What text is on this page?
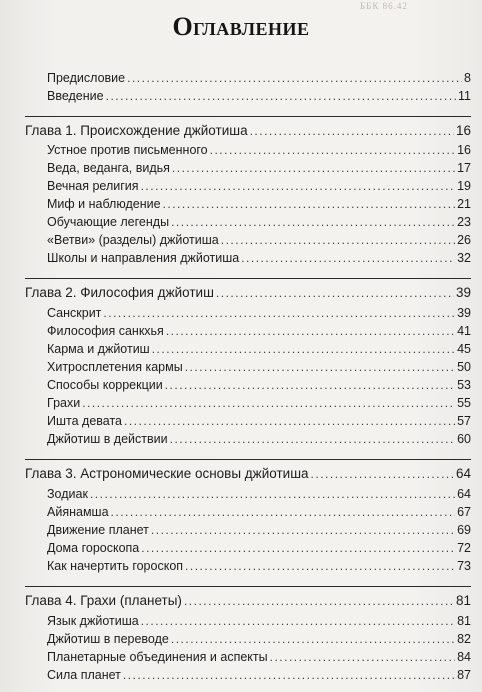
ББК 86.42
Оглавление
Предисловие .....	8
Введение .....	11
Глава 1. Происхождение джйотиша .....	16
Устное против письменного .....	16
Веда, веданга, видья .....	17
Вечная религия .....	19
Миф и наблюдение .....	21
Обучающие легенды .....	23
«Ветви» (разделы) джйотиша .....	26
Школы и направления джйотиша .....	32
Глава 2. Философия джйотиш .....	39
Санскрит .....	39
Философия санкхья .....	41
Карма и джйотиш .....	45
Хитросплетения кармы .....	50
Способы коррекции .....	53
Грахи .....	55
Ишта девата .....	57
Джйотиш в действии .....	60
Глава 3. Астрономические основы джйотиша .....	64
Зодиак .....	64
Айянамша .....	67
Движение планет .....	69
Дома гороскопа .....	72
Как начертить гороскоп .....	73
Глава 4. Грахи (планеты) .....	81
Язык джйотиша .....	81
Джйотиш в переводе .....	82
Планетарные объединения и аспекты .....	84
Сила планет .....	87
